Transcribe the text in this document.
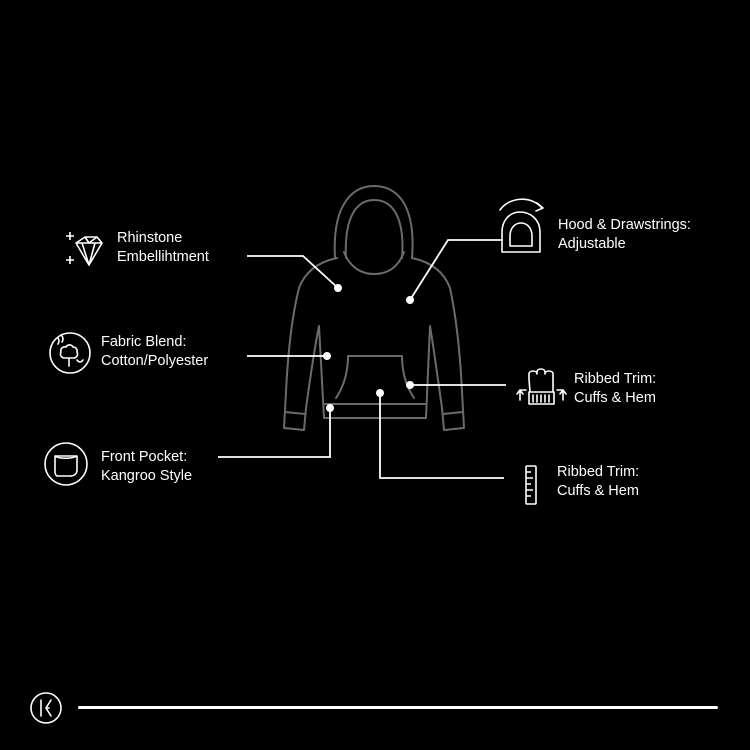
Rhinstone
Embellihtment
Fabric Blend:
Cotton/Polyester
Front Pocket:
Kangroo Style
Hood & Drawstrings:
Adjustable
Ribbed Trim:
Cuffs & Hem
Ribbed Trim:
Cuffs & Hem
